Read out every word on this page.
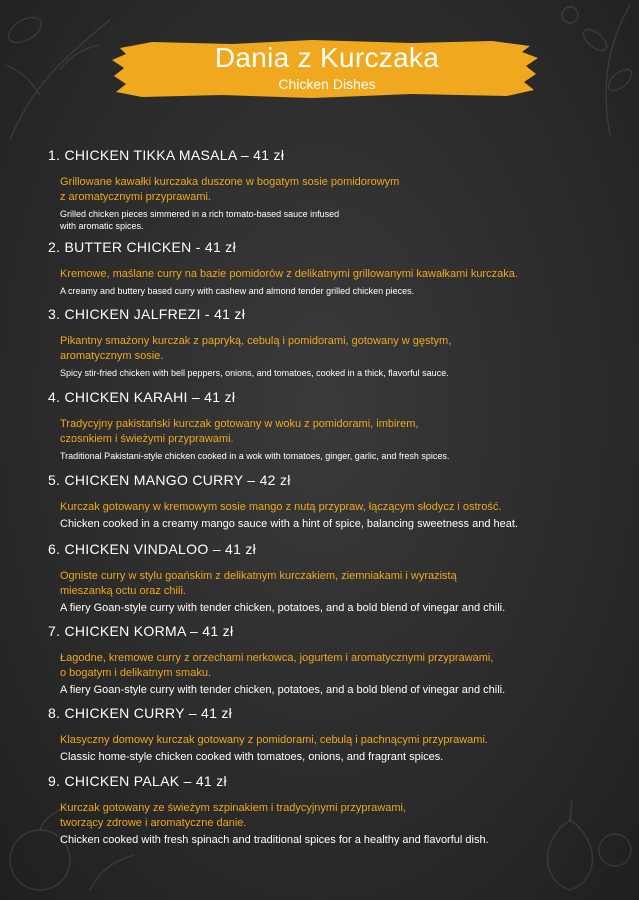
Dania z Kurczaka
Chicken Dishes

1. CHICKEN TIKKA MASALA – 41 zł

Grillowane kawałki kurczaka duszone w bogatym sosie pomidorowym
z aromatycznymi przyprawami.

Grilled chicken pieces simmered in a rich tomato-based sauce infused
with aromatic spices.

2. BUTTER CHICKEN - 41 zł

Kremowe, maślane curry na bazie pomidorów z delikatnymi grillowanymi kawałkami kurczaka.

A creamy and buttery based curry with cashew and almond tender grilled chicken pieces.

3. CHICKEN JALFREZI - 41 zł

Pikantny smażony kurczak z papryką, cebulą i pomidorami, gotowany w gęstym,
aromatycznym sosie.

Spicy stir-fried chicken with bell peppers, onions, and tomatoes, cooked in a thick, flavorful sauce.

4. CHICKEN KARAHI – 41 zł

Tradycyjny pakistański kurczak gotowany w woku z pomidorami, imbirem,
czosnkiem i świeżymi przyprawami.

Traditional Pakistani-style chicken cooked in a wok with tomatoes, ginger, garlic, and fresh spices.

5. CHICKEN MANGO CURRY – 42 zł

Kurczak gotowany w kremowym sosie mango z nutą przypraw, łączącym słodycz i ostrość.

Chicken cooked in a creamy mango sauce with a hint of spice, balancing sweetness and heat.

6. CHICKEN VINDALOO – 41 zł

Ogniste curry w stylu goańskim z delikatnym kurczakiem, ziemniakami i wyrazistą
mieszanką octu oraz chili.

A fiery Goan-style curry with tender chicken, potatoes, and a bold blend of vinegar and chili.

7. CHICKEN KORMA – 41 zł

Łagodne, kremowe curry z orzechami nerkowca, jogurtem i aromatycznymi przyprawami,
o bogatym i delikatnym smaku.

A fiery Goan-style curry with tender chicken, potatoes, and a bold blend of vinegar and chili.

8. CHICKEN CURRY – 41 zł

Klasyczny domowy kurczak gotowany z pomidorami, cebulą i pachnącymi przyprawami.

Classic home-style chicken cooked with tomatoes, onions, and fragrant spices.

9. CHICKEN PALAK – 41 zł

Kurczak gotowany ze świeżym szpinakiem i tradycyjnymi przyprawami,
tworzący zdrowe i aromatyczne danie.

Chicken cooked with fresh spinach and traditional spices for a healthy and flavorful dish.
